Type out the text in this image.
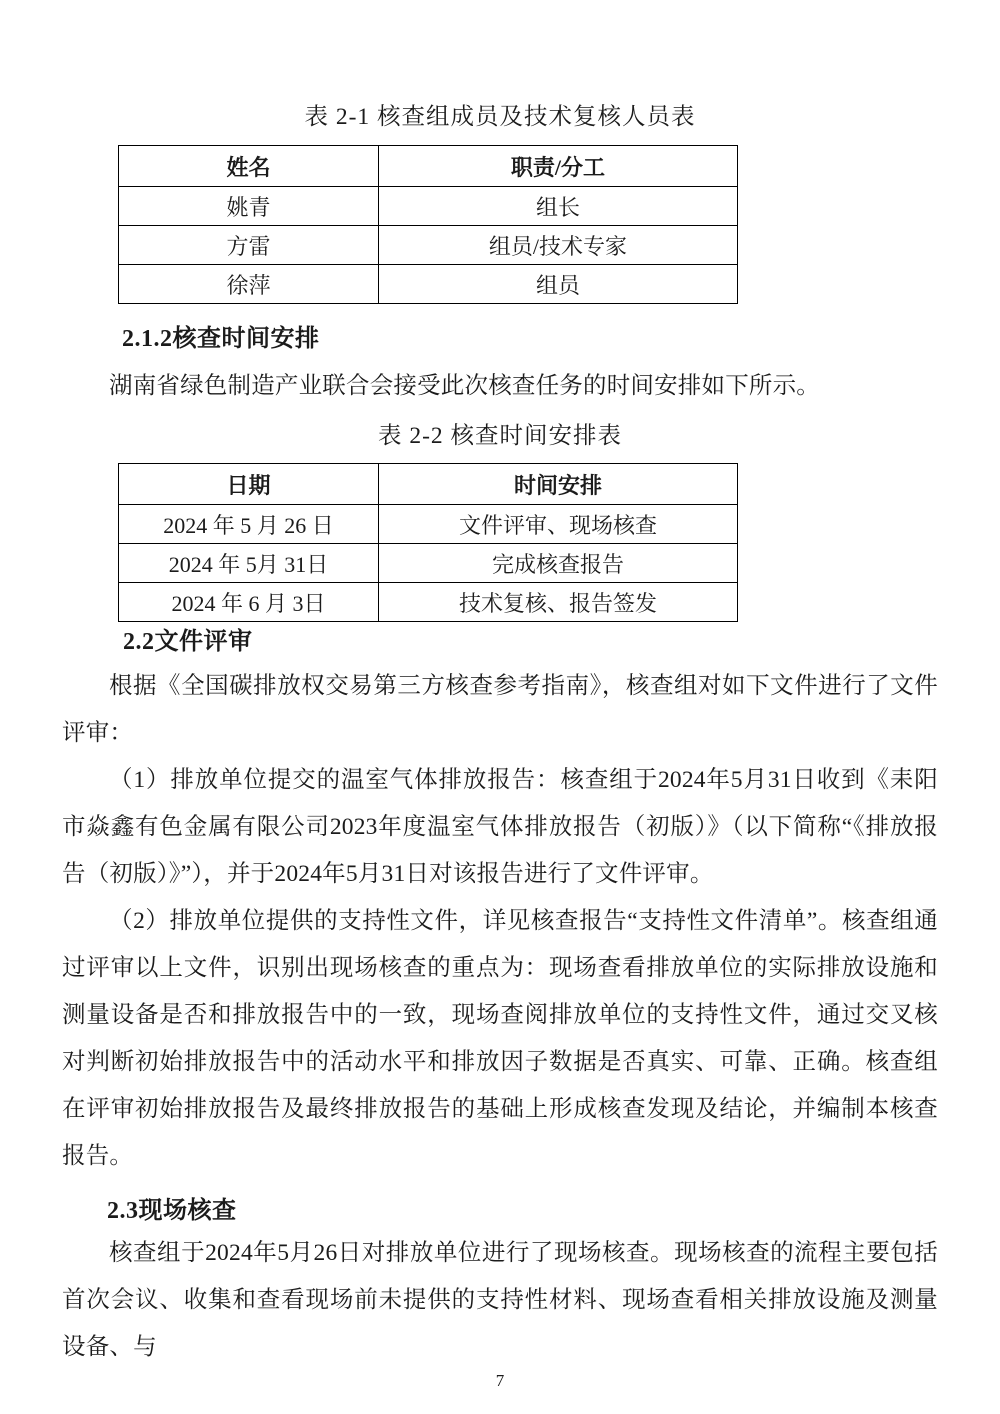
表 2-1 核查组成员及技术复核人员表
姓名	职责/分工
姚青	组长
方雷	组员/技术专家
徐萍	组员
2.1.2核查时间安排

湖南省绿色制造产业联合会接受此次核查任务的时间安排如下所示。

表 2-2 核查时间安排表
日期	时间安排
2024 年 5 月 26 日	文件评审、现场核查
2024 年 5月 31日	完成核查报告
2024 年 6 月 3日	技术复核、报告签发
2.2文件评审

根据《全国碳排放权交易第三方核查参考指南》，核查组对如下文件进行了文件评审：

（1）排放单位提交的温室气体排放报告：核查组于2024年5月31日收到《耒阳市焱鑫有色金属有限公司2023年度温室气体排放报告（初版）》（以下简称“《排放报告（初版）》”），并于2024年5月31日对该报告进行了文件评审。

（2）排放单位提供的支持性文件，详见核查报告“支持性文件清单”。核查组通过评审以上文件，识别出现场核查的重点为：现场查看排放单位的实际排放设施和测量设备是否和排放报告中的一致，现场查阅排放单位的支持性文件，通过交叉核对判断初始排放报告中的活动水平和排放因子数据是否真实、可靠、正确。核查组在评审初始排放报告及最终排放报告的基础上形成核查发现及结论，并编制本核查报告。

2.3现场核查

核查组于2024年5月26日对排放单位进行了现场核查。现场核查的流程主要包括首次会议、收集和查看现场前未提供的支持性材料、现场查看相关排放设施及测量设备、与

7
